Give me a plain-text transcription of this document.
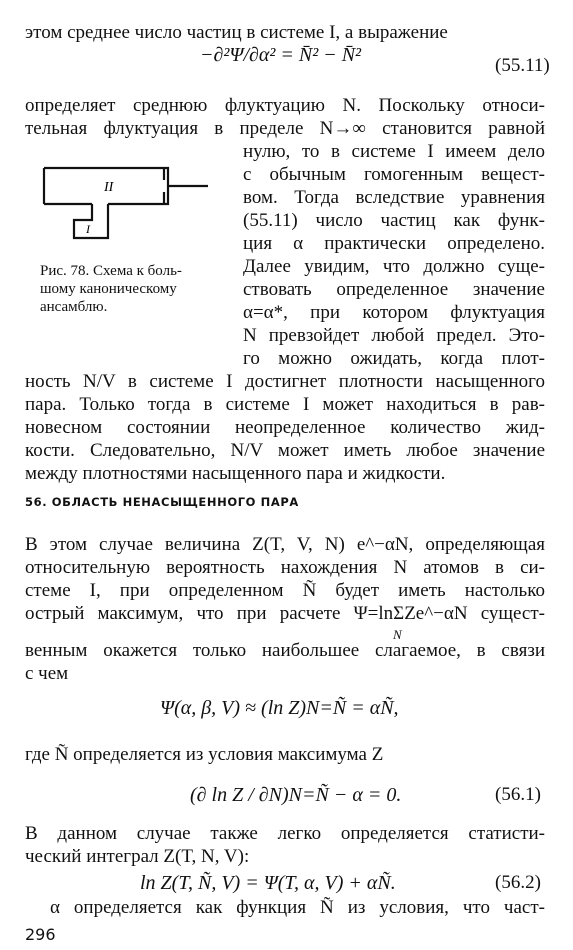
этом среднее число частиц в системе I, а выражение
−∂²Ψ/∂α² = N̄² − N̄²	(55.11)
определяет среднюю флуктуацию N. Поскольку относи-
тельная флуктуация в пределе N→∞ становится равной
II
I
Рис. 78. Схема к боль-
шому каноническому
ансамблю.
нулю, то в системе I имеем дело
с обычным гомогенным вещест-
вом. Тогда вследствие уравнения
(55.11) число частиц как функ-
ция α практически определено.
Далее увидим, что должно суще-
ствовать определенное значение
α=α*, при котором флуктуация
N превзойдет любой предел. Это-
го можно ожидать, когда плот-
ность N/V в системе I достигнет плотности насыщенного
пара. Только тогда в системе I может находиться в рав-
новесном состоянии неопределенное количество жид-
кости. Следовательно, N/V может иметь любое значение
между плотностями насыщенного пара и жидкости.
56. ОБЛАСТЬ НЕНАСЫЩЕННОГО ПАРА
В этом случае величина Z(T, V, N) e^−αN, определяющая
относительную вероятность нахождения N атомов в си-
стеме I, при определенном Ñ будет иметь настолько
острый максимум, что при расчете Ψ=lnΣZe^−αN сущест-
N
венным окажется только наибольшее слагаемое, в связи
с чем
Ψ(α, β, V) ≈ (ln Z)N=Ñ = αÑ,
где Ñ определяется из условия максимума Z
(∂ ln Z / ∂N)N=Ñ − α = 0.	(56.1)
В данном случае также легко определяется статисти-
ческий интеграл Z(T, N, V):
ln Z(T, Ñ, V) = Ψ(T, α, V) + αÑ.	(56.2)
α определяется как функция Ñ из условия, что част-
296
